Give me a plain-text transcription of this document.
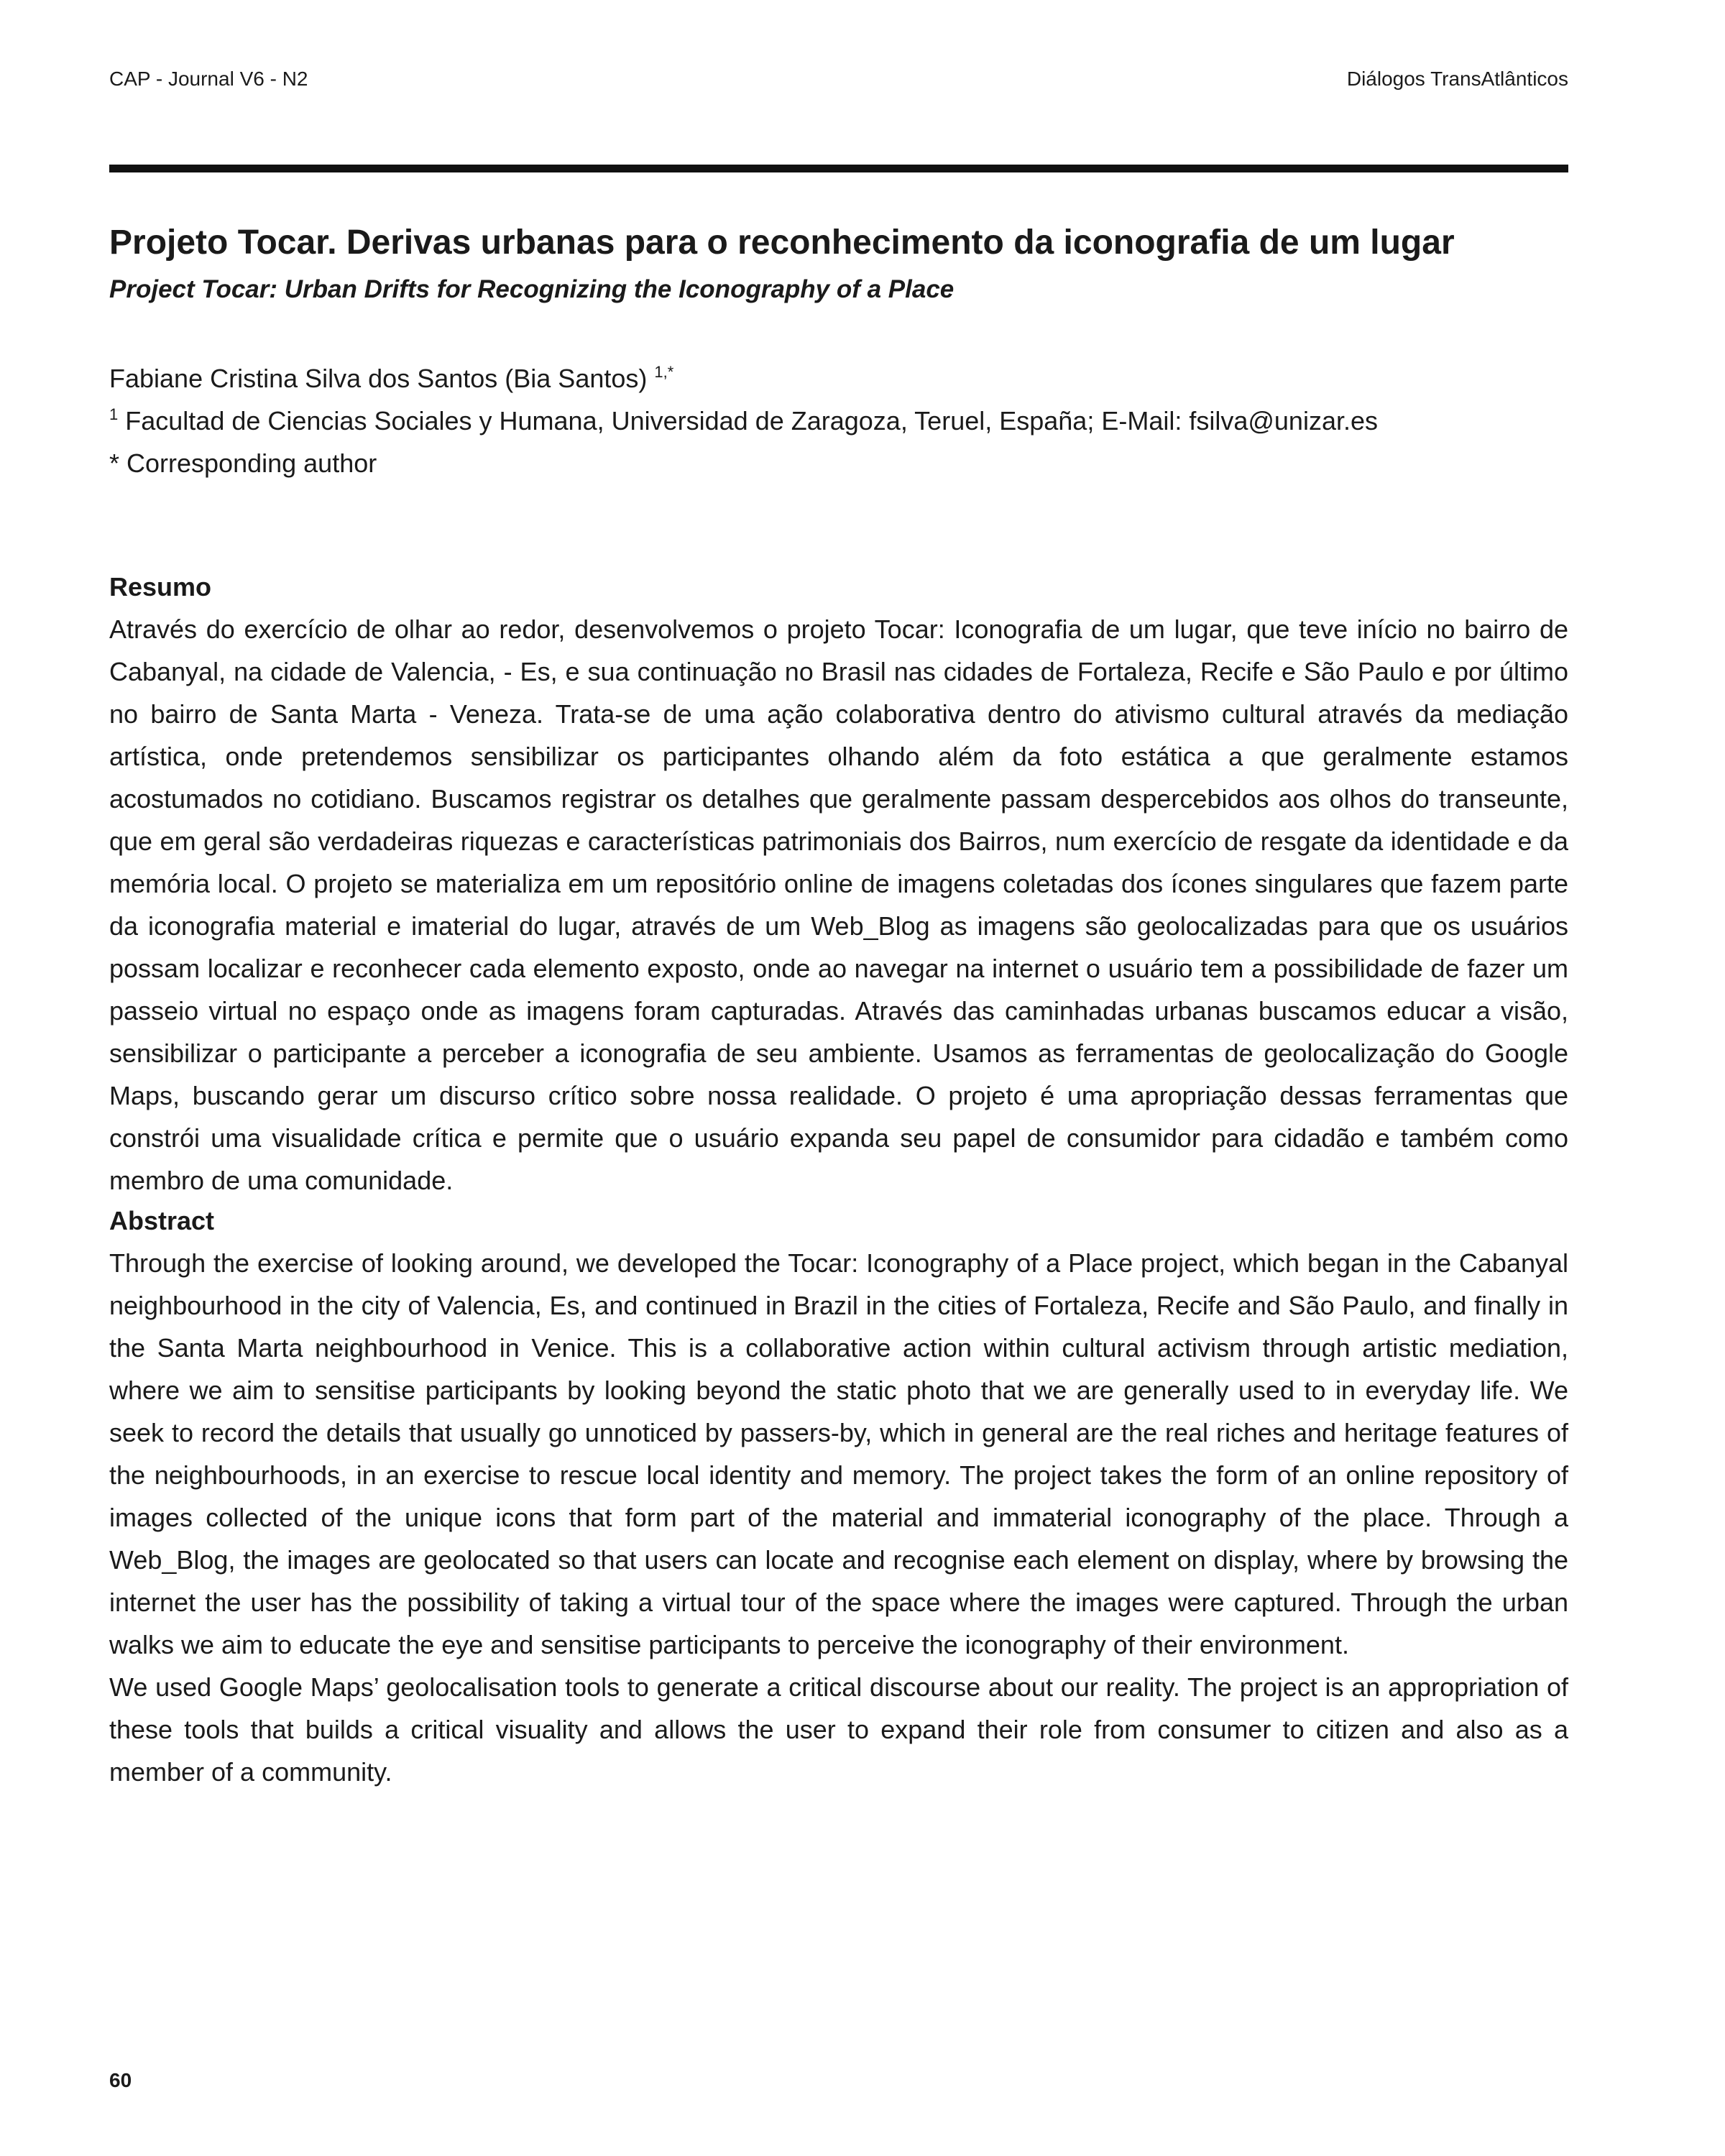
CAP - Journal V6 - N2	Diálogos TransAtlânticos
Projeto Tocar. Derivas urbanas para o reconhecimento da iconografia de um lugar
Project Tocar: Urban Drifts for Recognizing the Iconography of a Place

Fabiane Cristina Silva dos Santos (Bia Santos) $^{1,*}$

$^1$ Facultad de Ciencias Sociales y Humana, Universidad de Zaragoza, Teruel, España; E-Mail: fsilva@unizar.es

* Corresponding author

Resumo

Através do exercício de olhar ao redor, desenvolvemos o projeto Tocar: Iconografia de um lugar, que teve início no bairro de Cabanyal, na cidade de Valencia, - Es, e sua continuação no Brasil nas cidades de Fortaleza, Recife e São Paulo e por último no bairro de Santa Marta - Veneza. Trata-se de uma ação colaborativa dentro do ativismo cultural através da mediação artística, onde pretendemos sensibilizar os participantes olhando além da foto estática a que geralmente estamos acostumados no cotidiano. Buscamos registrar os detalhes que geralmente passam despercebidos aos olhos do transeunte, que em geral são verdadeiras riquezas e características patrimoniais dos Bairros, num exercício de resgate da identidade e da memória local. O projeto se materializa em um repositório online de imagens coletadas dos ícones singulares que fazem parte da iconografia material e imaterial do lugar, através de um Web_Blog as imagens são geolocalizadas para que os usuários possam localizar e reconhecer cada elemento exposto, onde ao navegar na internet o usuário tem a possibilidade de fazer um passeio virtual no espaço onde as imagens foram capturadas. Através das caminhadas urbanas buscamos educar a visão, sensibilizar o participante a perceber a iconografia de seu ambiente. Usamos as ferramentas de geolocalização do Google Maps, buscando gerar um discurso crítico sobre nossa realidade. O projeto é uma apropriação dessas ferramentas que constrói uma visualidade crítica e permite que o usuário expanda seu papel de consumidor para cidadão e também como membro de uma comunidade.

Abstract

Through the exercise of looking around, we developed the Tocar: Iconography of a Place project, which began in the Cabanyal neighbourhood in the city of Valencia, Es, and continued in Brazil in the cities of Fortaleza, Recife and São Paulo, and finally in the Santa Marta neighbourhood in Venice. This is a collaborative action within cultural activism through artistic mediation, where we aim to sensitise participants by looking beyond the static photo that we are generally used to in everyday life. We seek to record the details that usually go unnoticed by passers-by, which in general are the real riches and heritage features of the neighbourhoods, in an exercise to rescue local identity and memory. The project takes the form of an online repository of images collected of the unique icons that form part of the material and immaterial iconography of the place. Through a Web_Blog, the images are geolocated so that users can locate and recognise each element on display, where by browsing the internet the user has the possibility of taking a virtual tour of the space where the images were captured. Through the urban walks we aim to educate the eye and sensitise participants to perceive the iconography of their environment.

We used Google Maps’ geolocalisation tools to generate a critical discourse about our reality. The project is an appropriation of these tools that builds a critical visuality and allows the user to expand their role from consumer to citizen and also as a member of a community.

60
